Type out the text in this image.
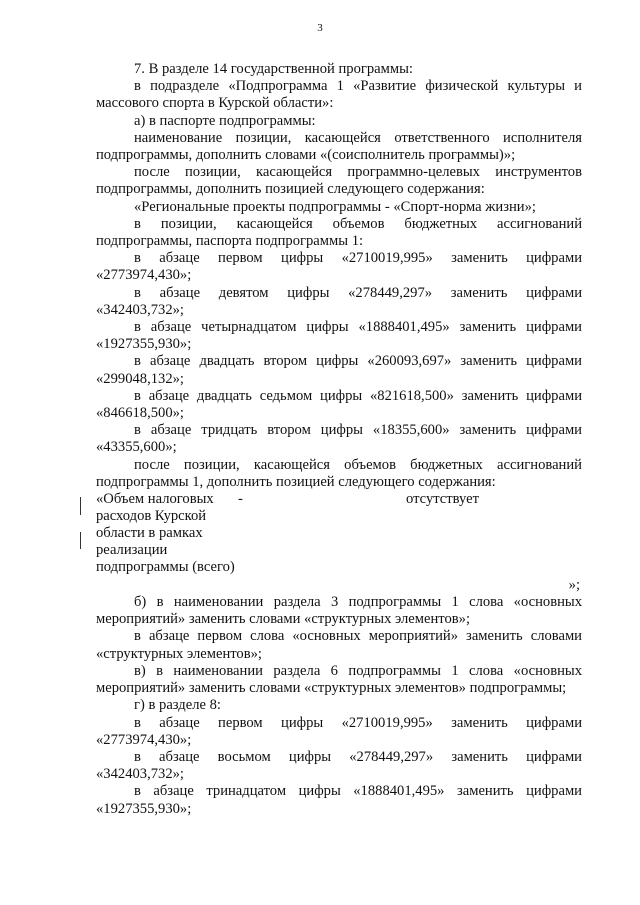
3

7. В разделе 14 государственной программы:

в подразделе «Подпрограмма 1 «Развитие физической культуры и массового спорта в Курской области»:

а) в паспорте подпрограммы:

наименование позиции, касающейся ответственного исполнителя подпрограммы, дополнить словами «(соисполнитель программы)»;

после позиции, касающейся программно-целевых инструментов подпрограммы, дополнить позицией следующего содержания:

«Региональные проекты подпрограммы - «Спорт-норма жизни»;

в позиции, касающейся объемов бюджетных ассигнований подпрограммы, паспорта подпрограммы 1:

в абзаце первом цифры «2710019,995» заменить цифрами «2773974,430»;

в абзаце девятом цифры «278449,297» заменить цифрами «342403,732»;

в абзаце четырнадцатом цифры «1888401,495» заменить цифрами «1927355,930»;

в абзаце двадцать втором цифры «260093,697» заменить цифрами «299048,132»;

в абзаце двадцать седьмом цифры «821618,500» заменить цифрами «846618,500»;

в абзаце тридцать втором цифры «18355,600» заменить цифрами «43355,600»;

после позиции, касающейся объемов бюджетных ассигнований подпрограммы 1, дополнить позицией следующего содержания:

«Объем налоговых расходов Курской области в рамках реализации подпрограммы (всего)
-	отсутствует
»;

б) в наименовании раздела 3 подпрограммы 1 слова «основных мероприятий» заменить словами «структурных элементов»;

в абзаце первом слова «основных мероприятий» заменить словами «структурных элементов»;

в) в наименовании раздела 6 подпрограммы 1 слова «основных мероприятий» заменить словами «структурных элементов» подпрограммы;

г) в разделе 8:

в абзаце первом цифры «2710019,995» заменить цифрами «2773974,430»;

в абзаце восьмом цифры «278449,297» заменить цифрами «342403,732»;

в абзаце тринадцатом цифры «1888401,495» заменить цифрами «1927355,930»;
